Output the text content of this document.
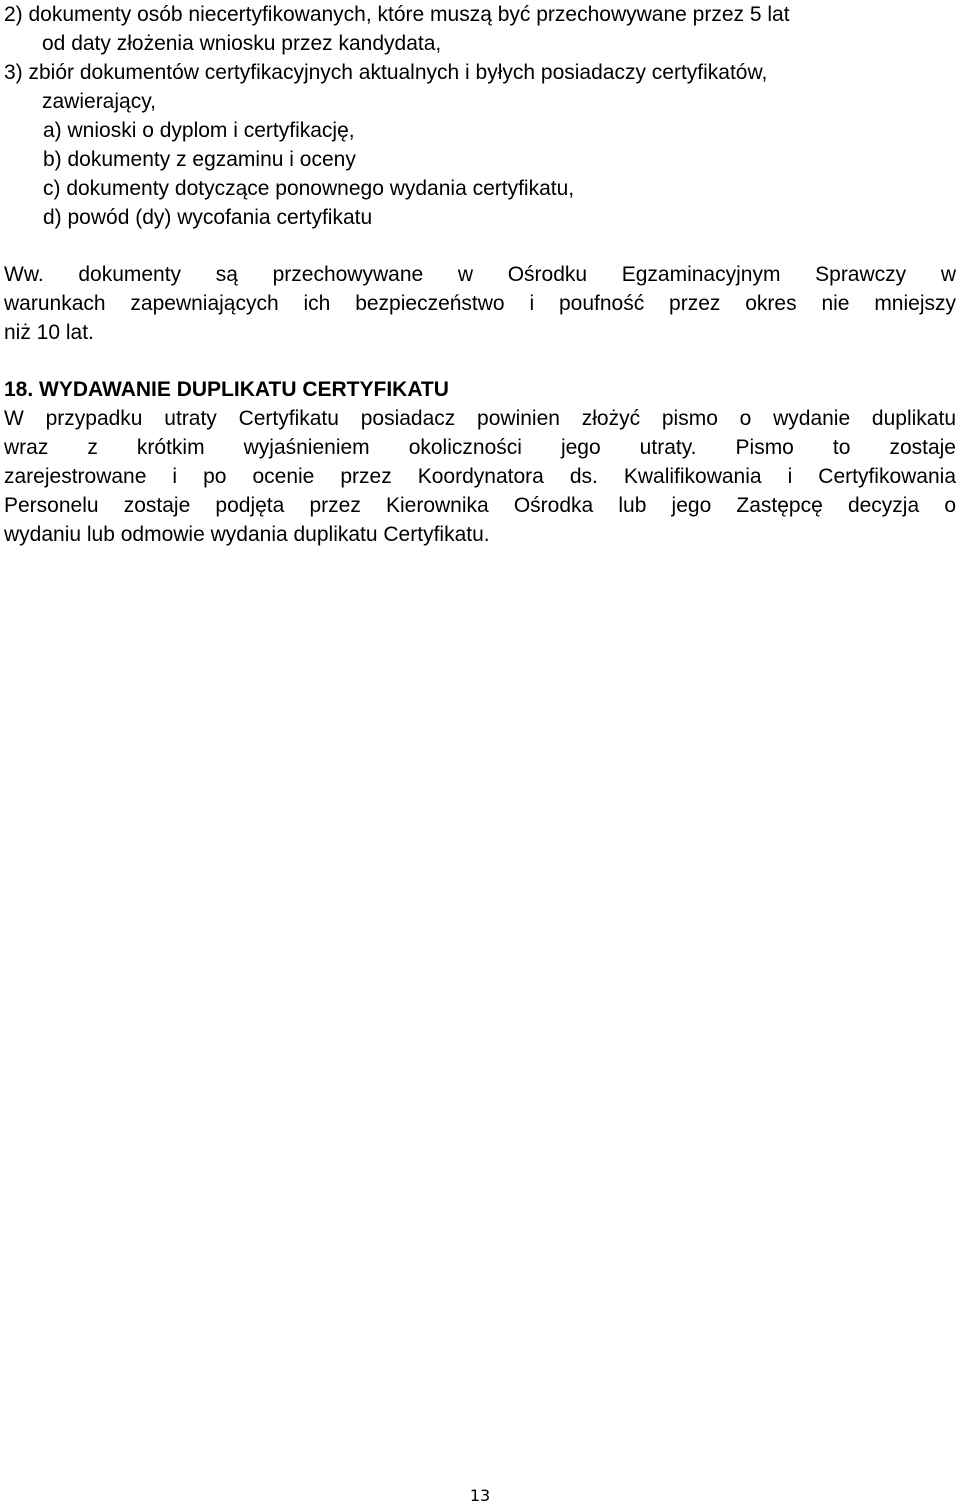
2) dokumenty osób niecertyfikowanych, które muszą być przechowywane przez 5 lat
od daty złożenia wniosku przez kandydata,
3) zbiór dokumentów certyfikacyjnych aktualnych i byłych posiadaczy certyfikatów,
zawierający,
a) wnioski o dyplom i certyfikację,
b) dokumenty z egzaminu i oceny
c) dokumenty dotyczące ponownego wydania certyfikatu,
d) powód (dy) wycofania certyfikatu
Ww. dokumenty są przechowywane w Ośrodku Egzaminacyjnym Sprawczy w
warunkach zapewniających ich bezpieczeństwo i poufność przez okres nie mniejszy
niż 10 lat.
18. WYDAWANIE DUPLIKATU CERTYFIKATU
W przypadku utraty Certyfikatu posiadacz powinien złożyć pismo o wydanie duplikatu
wraz z krótkim wyjaśnieniem okoliczności jego utraty. Pismo to zostaje
zarejestrowane i po ocenie przez Koordynatora ds. Kwalifikowania i Certyfikowania
Personelu zostaje podjęta przez Kierownika Ośrodka lub jego Zastępcę decyzja o
wydaniu lub odmowie wydania duplikatu Certyfikatu.
13
